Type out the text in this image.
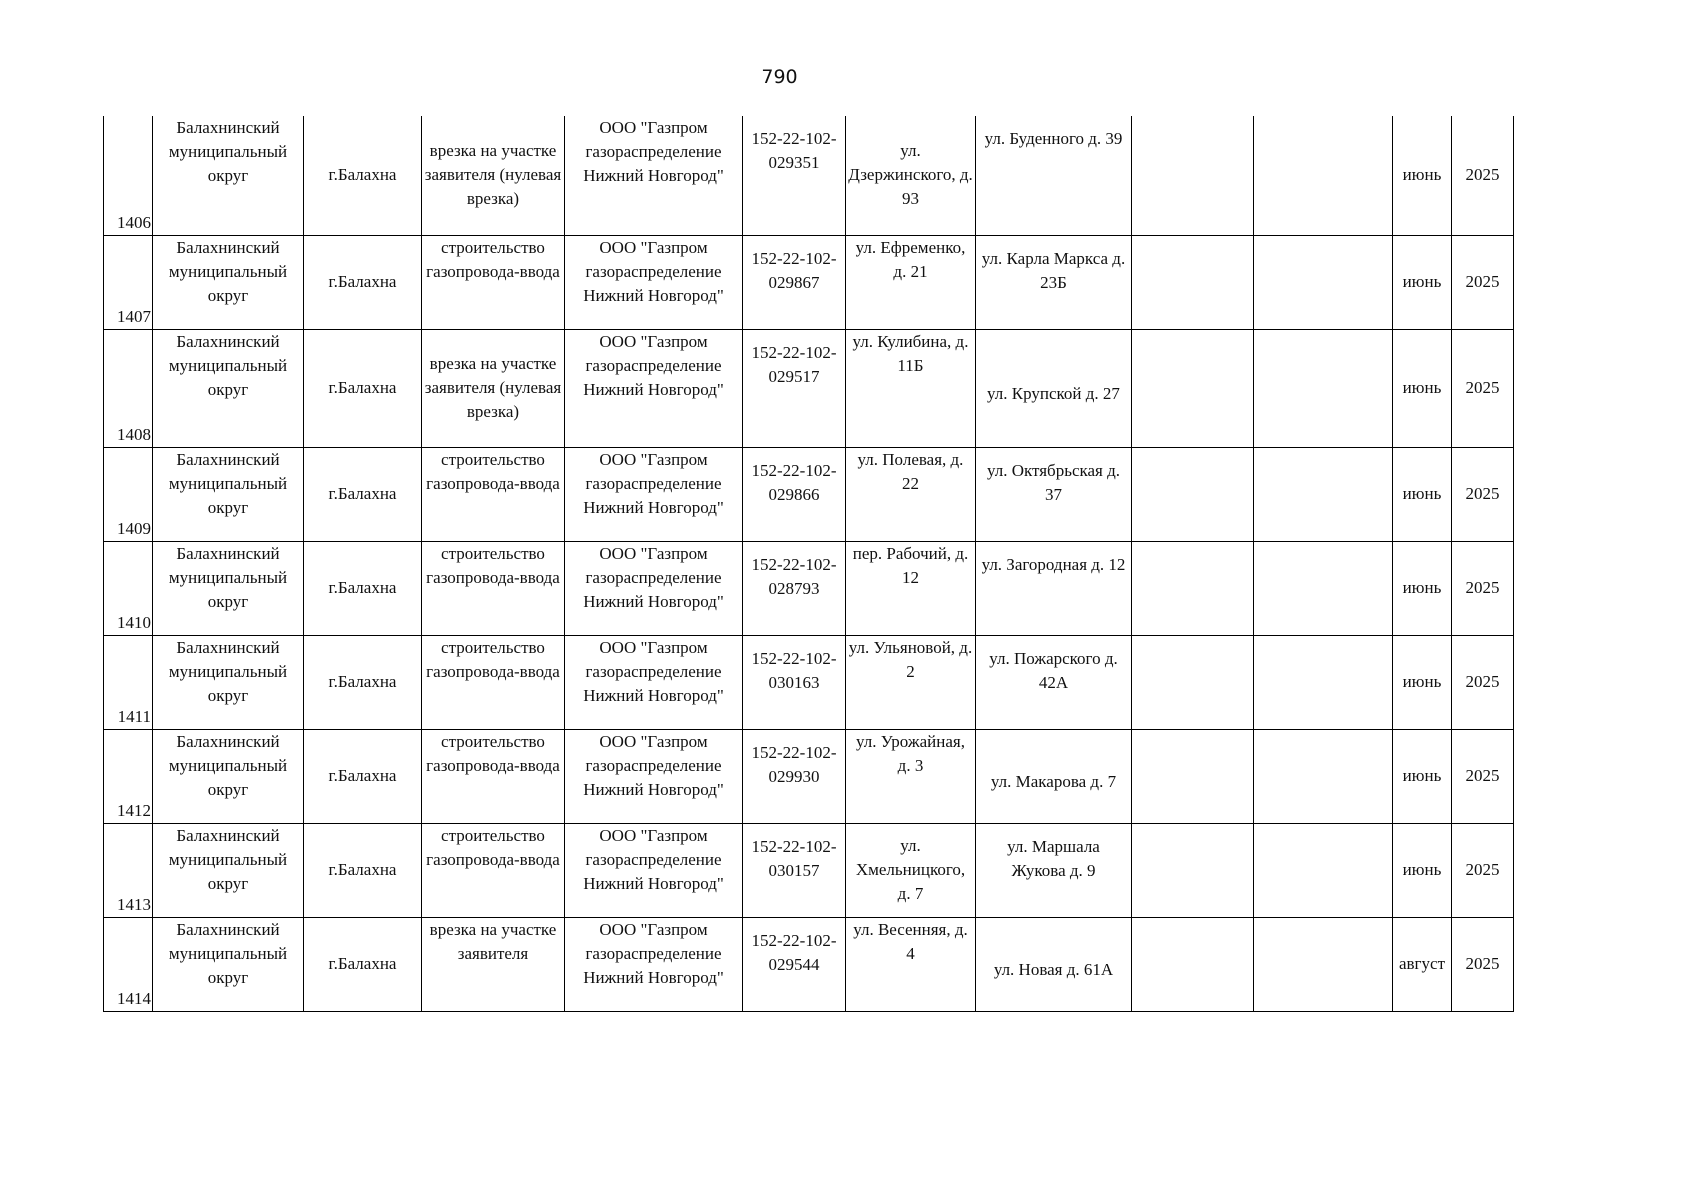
790
1406	Балахнинский муниципальный округ	г.Балахна	врезка на участке заявителя (нулевая врезка)	ООО "Газпром газораспределение Нижний Новгород"	152-22-102-029351	ул. Дзержинского, д. 93	ул. Буденного д. 39			июнь	2025
1407	Балахнинский муниципальный округ	г.Балахна	строительство газопровода-ввода	ООО "Газпром газораспределение Нижний Новгород"	152-22-102-029867	ул. Ефременко, д. 21	ул. Карла Маркса д. 23Б			июнь	2025
1408	Балахнинский муниципальный округ	г.Балахна	врезка на участке заявителя (нулевая врезка)	ООО "Газпром газораспределение Нижний Новгород"	152-22-102-029517	ул. Кулибина, д. 11Б	ул. Крупской д. 27			июнь	2025
1409	Балахнинский муниципальный округ	г.Балахна	строительство газопровода-ввода	ООО "Газпром газораспределение Нижний Новгород"	152-22-102-029866	ул. Полевая, д. 22	ул. Октябрьская д. 37			июнь	2025
1410	Балахнинский муниципальный округ	г.Балахна	строительство газопровода-ввода	ООО "Газпром газораспределение Нижний Новгород"	152-22-102-028793	пер. Рабочий, д. 12	ул. Загородная д. 12			июнь	2025
1411	Балахнинский муниципальный округ	г.Балахна	строительство газопровода-ввода	ООО "Газпром газораспределение Нижний Новгород"	152-22-102-030163	ул. Ульяновой, д. 2	ул. Пожарского д. 42А			июнь	2025
1412	Балахнинский муниципальный округ	г.Балахна	строительство газопровода-ввода	ООО "Газпром газораспределение Нижний Новгород"	152-22-102-029930	ул. Урожайная, д. 3	ул. Макарова д. 7			июнь	2025
1413	Балахнинский муниципальный округ	г.Балахна	строительство газопровода-ввода	ООО "Газпром газораспределение Нижний Новгород"	152-22-102-030157	ул. Хмельницкого, д. 7	ул. Маршала Жукова д. 9			июнь	2025
1414	Балахнинский муниципальный округ	г.Балахна	врезка на участке заявителя	ООО "Газпром газораспределение Нижний Новгород"	152-22-102-029544	ул. Весенняя, д. 4	ул. Новая д. 61А			август	2025
